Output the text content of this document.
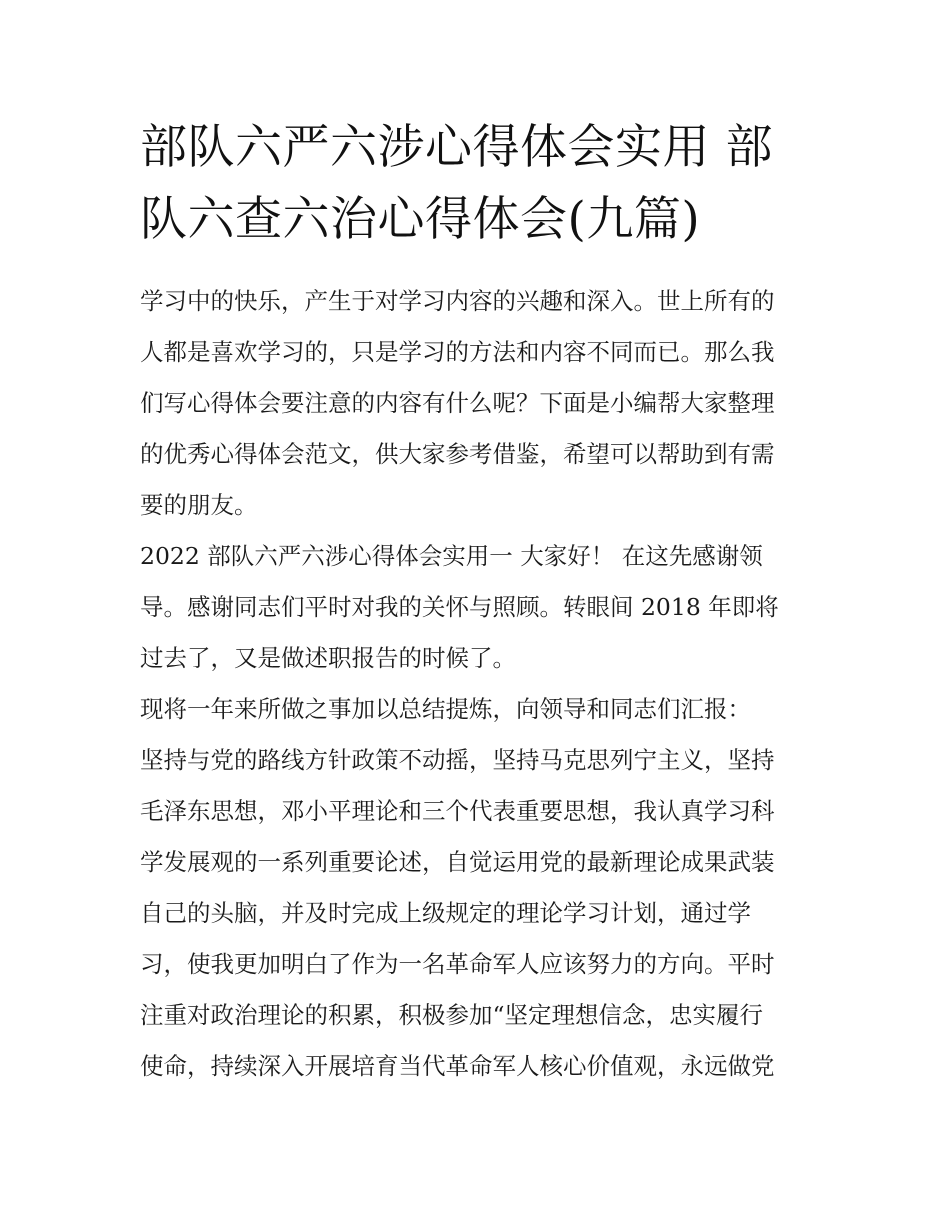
部队六严六涉心得体会实用 部
队六查六治心得体会(九篇)
学习中的快乐，产生于对学习内容的兴趣和深入。世上所有的
人都是喜欢学习的，只是学习的方法和内容不同而已。那么我
们写心得体会要注意的内容有什么呢？下面是小编帮大家整理
的优秀心得体会范文，供大家参考借鉴，希望可以帮助到有需
要的朋友。
2022 部队六严六涉心得体会实用一 大家好！ 在这先感谢领
导。感谢同志们平时对我的关怀与照顾。转眼间 2018 年即将
过去了，又是做述职报告的时候了。
现将一年来所做之事加以总结提炼，向领导和同志们汇报：
坚持与党的路线方针政策不动摇，坚持马克思列宁主义，坚持
毛泽东思想，邓小平理论和三个代表重要思想，我认真学习科
学发展观的一系列重要论述，自觉运用党的最新理论成果武装
自己的头脑，并及时完成上级规定的理论学习计划，通过学
习，使我更加明白了作为一名革命军人应该努力的方向。平时
注重对政治理论的积累，积极参加“坚定理想信念，忠实履行
使命，持续深入开展培育当代革命军人核心价值观，永远做党
